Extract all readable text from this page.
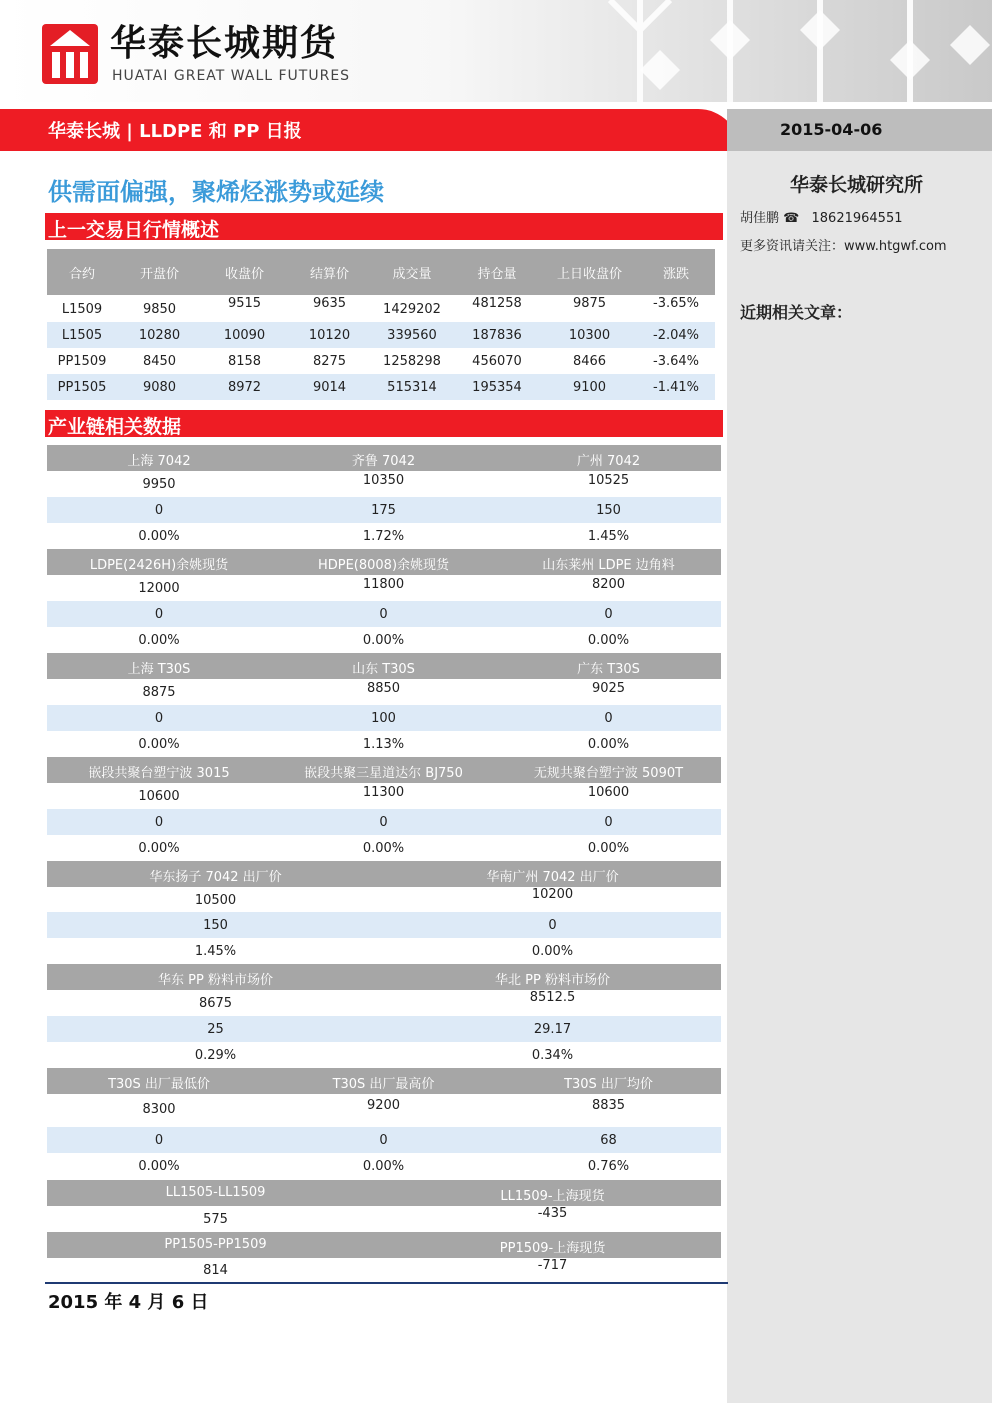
华泰长城期货
HUATAI GREAT WALL FUTURES
华泰长城 | LLDPE 和 PP 日报	2015-04-06
华泰长城研究所
胡佳鹏 ☎ 18621964551
更多资讯请关注：www.htgwf.com
近期相关文章：
供需面偏强，聚烯烃涨势或延续
上一交易日行情概述
合约	开盘价	收盘价	结算价	成交量	持仓量	上日收盘价	涨跌
L1509	9850	9515	9635	1429202	481258	9875	-3.65%
L1505	10280	10090	10120	339560	187836	10300	-2.04%
PP1509	8450	8158	8275	1258298	456070	8466	-3.64%
PP1505	9080	8972	9014	515314	195354	9100	-1.41%
产业链相关数据
上海 7042	齐鲁 7042	广州 7042
9950	10350	10525
0	175	150
0.00%	1.72%	1.45%
LDPE(2426H)余姚现货	HDPE(8008)余姚现货	山东莱州 LDPE 边角料
12000	11800	8200
0	0	0
0.00%	0.00%	0.00%
上海 T30S	山东 T30S	广东 T30S
8875	8850	9025
0	100	0
0.00%	1.13%	0.00%
嵌段共聚台塑宁波 3015	嵌段共聚三星道达尔 BJ750	无规共聚台塑宁波 5090T
10600	11300	10600
0	0	0
0.00%	0.00%	0.00%
华东扬子 7042 出厂价	华南广州 7042 出厂价
10500	10200
150	0
1.45%	0.00%
华东 PP 粉料市场价	华北 PP 粉料市场价
8675	8512.5
25	29.17
0.29%	0.34%
T30S 出厂最低价	T30S 出厂最高价	T30S 出厂均价
8300	9200	8835
0	0	68
0.00%	0.00%	0.76%
LL1505-LL1509	LL1509-上海现货
575	-435
PP1505-PP1509	PP1509-上海现货
814	-717
2015 年 4 月 6 日
